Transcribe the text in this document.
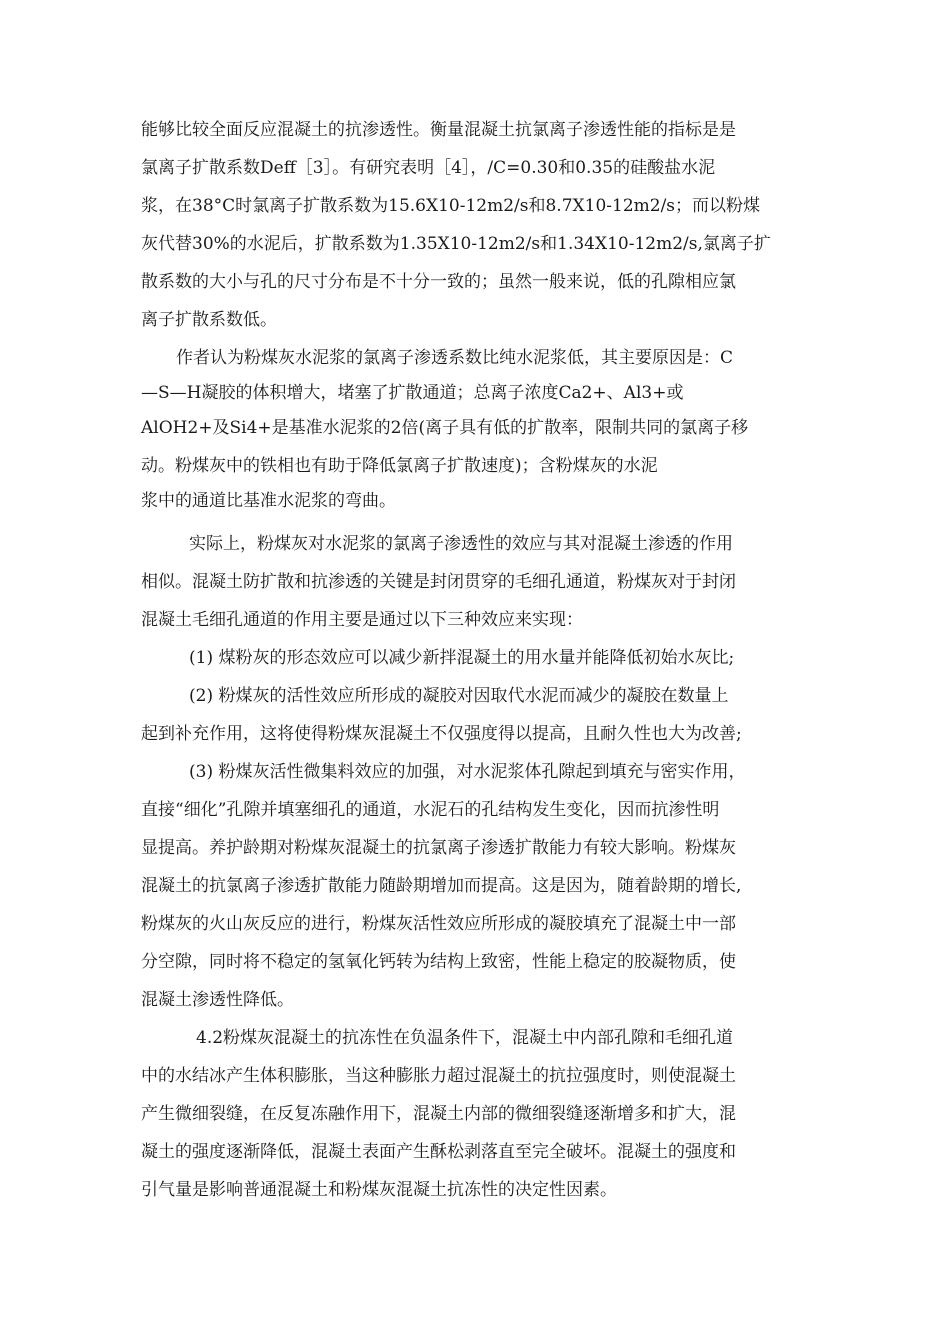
能够比较全面反应混凝土的抗渗透性。衡量混凝土抗氯离子渗透性能的指标是是
氯离子扩散系数Deff［3］。有研究表明［4］，/C=0.30和0.35的硅酸盐水泥
浆，在38°C时氯离子扩散系数为15.6X10-12m2/s和8.7X10-12m2/s；而以粉煤
灰代替30%的水泥后，扩散系数为1.35X10-12m2/s和1.34X10-12m2/s,氯离子扩
散系数的大小与孔的尺寸分布是不十分一致的；虽然一般来说，低的孔隙相应氯
离子扩散系数低。
作者认为粉煤灰水泥浆的氯离子渗透系数比纯水泥浆低，其主要原因是：C
—S—H凝胶的体积增大，堵塞了扩散通道；总离子浓度Ca2+、Al3+或
AlOH2+及Si4+是基准水泥浆的2倍(离子具有低的扩散率，限制共同的氯离子移
动。粉煤灰中的铁相也有助于降低氯离子扩散速度)；含粉煤灰的水泥
浆中的通道比基准水泥浆的弯曲。
实际上，粉煤灰对水泥浆的氯离子渗透性的效应与其对混凝土渗透的作用
相似。混凝土防扩散和抗渗透的关键是封闭贯穿的毛细孔通道，粉煤灰对于封闭
混凝土毛细孔通道的作用主要是通过以下三种效应来实现：
(1) 煤粉灰的形态效应可以减少新拌混凝土的用水量并能降低初始水灰比;
(2) 粉煤灰的活性效应所形成的凝胶对因取代水泥而减少的凝胶在数量上
起到补充作用，这将使得粉煤灰混凝土不仅强度得以提高，且耐久性也大为改善;
(3) 粉煤灰活性微集料效应的加强，对水泥浆体孔隙起到填充与密实作用，
直接“细化”孔隙并填塞细孔的通道，水泥石的孔结构发生变化，因而抗渗性明
显提高。养护龄期对粉煤灰混凝土的抗氯离子渗透扩散能力有较大影响。粉煤灰
混凝土的抗氯离子渗透扩散能力随龄期增加而提高。这是因为，随着龄期的增长,
粉煤灰的火山灰反应的进行，粉煤灰活性效应所形成的凝胶填充了混凝土中一部
分空隙，同时将不稳定的氢氧化钙转为结构上致密，性能上稳定的胶凝物质，使
混凝土渗透性降低。
4.2粉煤灰混凝土的抗冻性在负温条件下，混凝土中内部孔隙和毛细孔道
中的水结冰产生体积膨胀，当这种膨胀力超过混凝土的抗拉强度时，则使混凝土
产生微细裂缝，在反复冻融作用下，混凝土内部的微细裂缝逐渐增多和扩大，混
凝土的强度逐渐降低，混凝土表面产生酥松剥落直至完全破坏。混凝土的强度和
引气量是影响普通混凝土和粉煤灰混凝土抗冻性的决定性因素。
